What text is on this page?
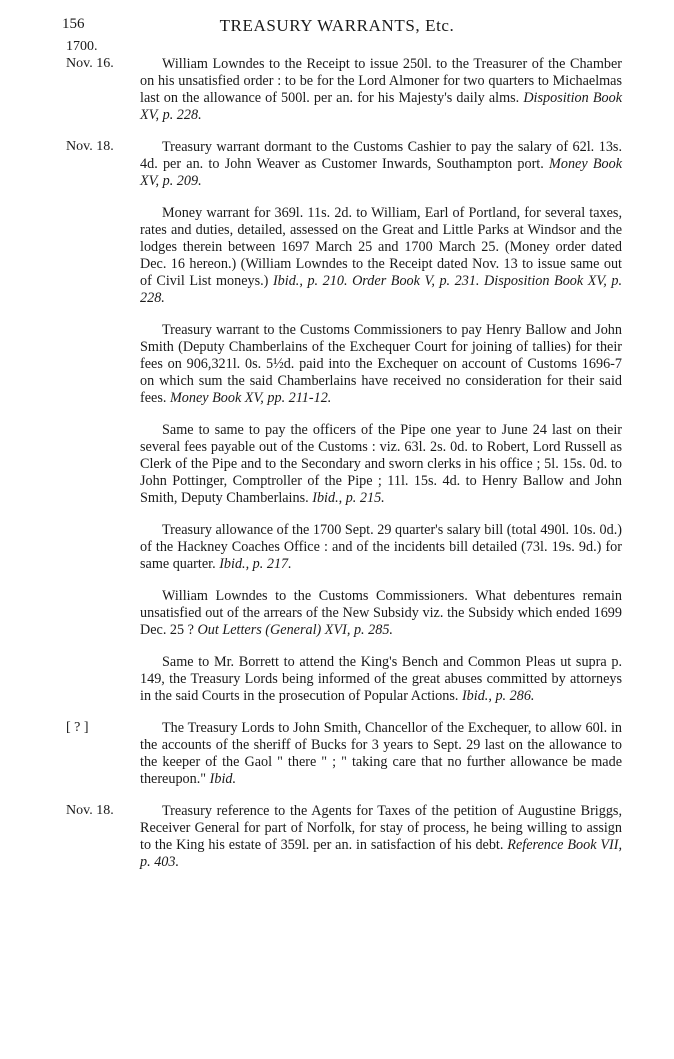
156	TREASURY WARRANTS, Etc.
1700.
Nov. 16.	William Lowndes to the Receipt to issue 250l. to the Treasurer of the Chamber on his unsatisfied order : to be for the Lord Almoner for two quarters to Michaelmas last on the allowance of 500l. per an. for his Majesty's daily alms. Disposition Book XV, p. 228.
Nov. 18.	Treasury warrant dormant to the Customs Cashier to pay the salary of 62l. 13s. 4d. per an. to John Weaver as Customer Inwards, Southampton port. Money Book XV, p. 209.
Money warrant for 369l. 11s. 2d. to William, Earl of Portland, for several taxes, rates and duties, detailed, assessed on the Great and Little Parks at Windsor and the lodges therein between 1697 March 25 and 1700 March 25. (Money order dated Dec. 16 hereon.) (William Lowndes to the Receipt dated Nov. 13 to issue same out of Civil List moneys.) Ibid., p. 210. Order Book V, p. 231. Disposition Book XV, p. 228.
Treasury warrant to the Customs Commissioners to pay Henry Ballow and John Smith (Deputy Chamberlains of the Exchequer Court for joining of tallies) for their fees on 906,321l. 0s. 5½d. paid into the Exchequer on account of Customs 1696-7 on which sum the said Chamberlains have received no consideration for their said fees. Money Book XV, pp. 211-12.
Same to same to pay the officers of the Pipe one year to June 24 last on their several fees payable out of the Customs : viz. 63l. 2s. 0d. to Robert, Lord Russell as Clerk of the Pipe and to the Secondary and sworn clerks in his office ; 5l. 15s. 0d. to John Pottinger, Comptroller of the Pipe ; 11l. 15s. 4d. to Henry Ballow and John Smith, Deputy Chamberlains. Ibid., p. 215.
Treasury allowance of the 1700 Sept. 29 quarter's salary bill (total 490l. 10s. 0d.) of the Hackney Coaches Office : and of the incidents bill detailed (73l. 19s. 9d.) for same quarter. Ibid., p. 217.
William Lowndes to the Customs Commissioners. What debentures remain unsatisfied out of the arrears of the New Subsidy viz. the Subsidy which ended 1699 Dec. 25 ? Out Letters (General) XVI, p. 285.
Same to Mr. Borrett to attend the King's Bench and Common Pleas ut supra p. 149, the Treasury Lords being informed of the great abuses committed by attorneys in the said Courts in the prosecution of Popular Actions. Ibid., p. 286.
[ ? ]	The Treasury Lords to John Smith, Chancellor of the Exchequer, to allow 60l. in the accounts of the sheriff of Bucks for 3 years to Sept. 29 last on the allowance to the keeper of the Gaol " there " ; " taking care that no further allowance be made thereupon." Ibid.
Nov. 18.	Treasury reference to the Agents for Taxes of the petition of Augustine Briggs, Receiver General for part of Norfolk, for stay of process, he being willing to assign to the King his estate of 359l. per an. in satisfaction of his debt. Reference Book VII, p. 403.
